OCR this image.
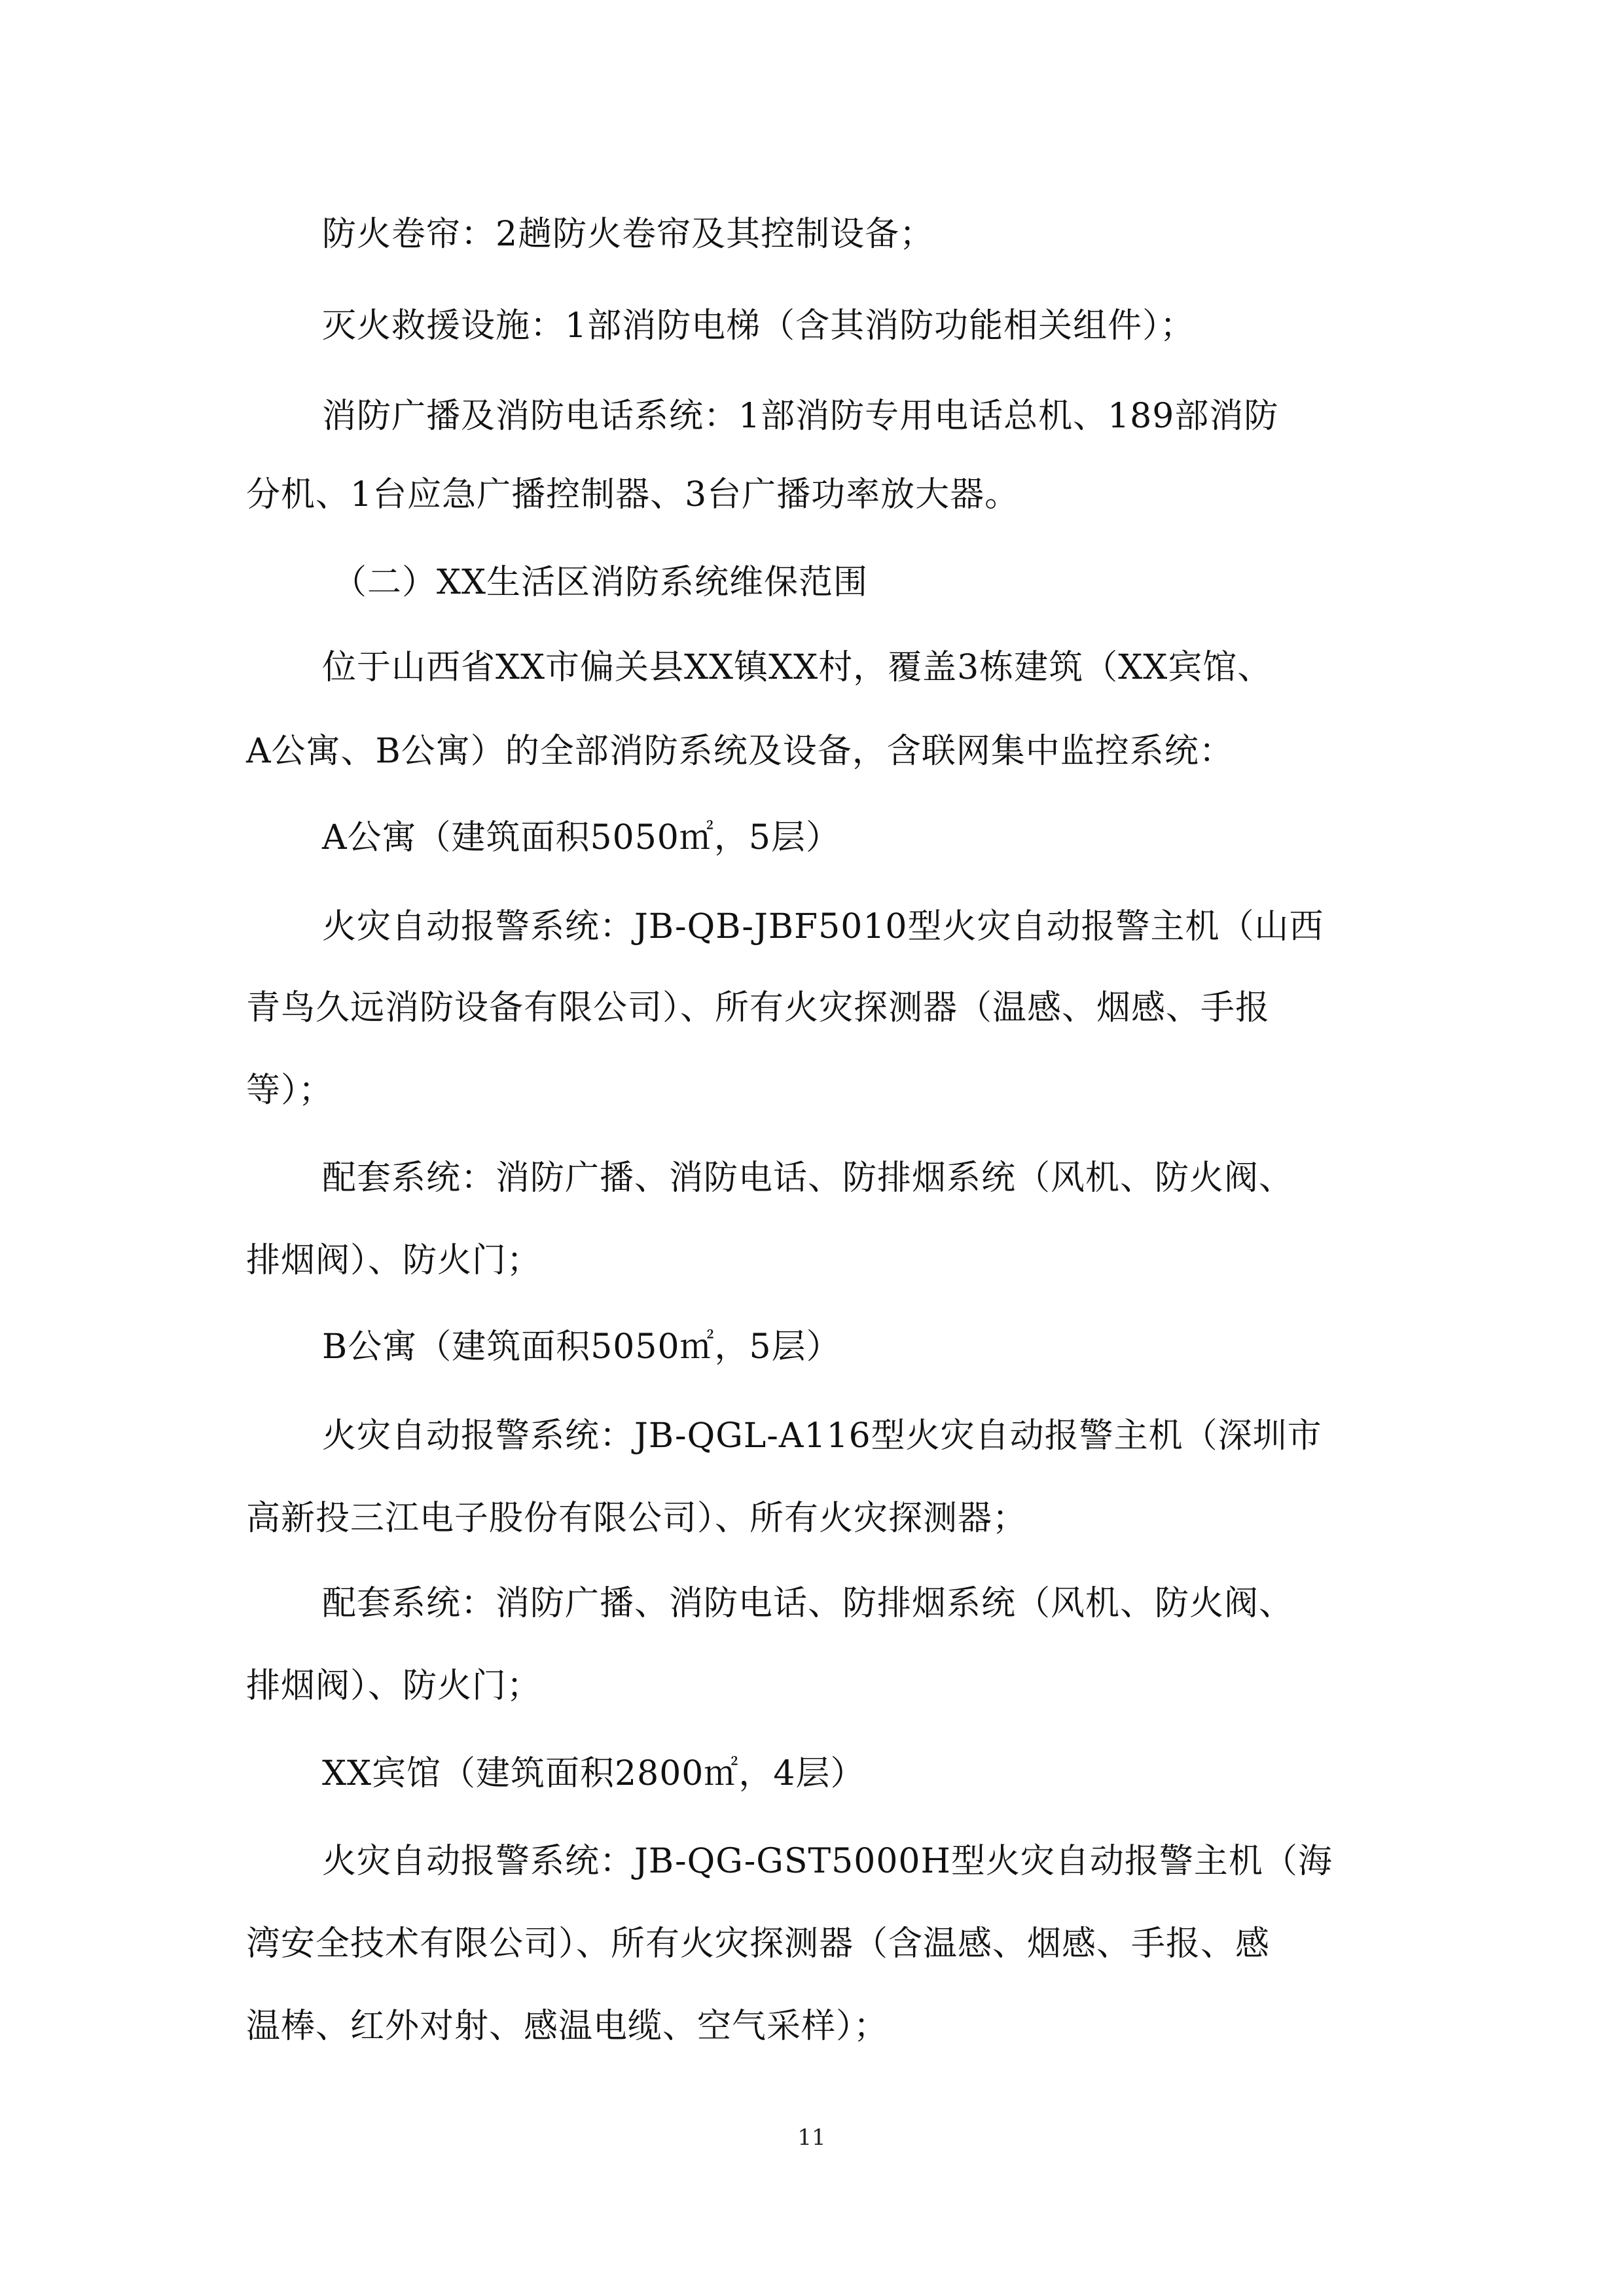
防火卷帘：2趟防火卷帘及其控制设备；
灭火救援设施：1部消防电梯（含其消防功能相关组件）；
消防广播及消防电话系统：1部消防专用电话总机、189部消防
分机、1台应急广播控制器、3台广播功率放大器。
（二）XX生活区消防系统维保范围
位于山西省XX市偏关县XX镇XX村，覆盖3栋建筑（XX宾馆、
A公寓、B公寓）的全部消防系统及设备，含联网集中监控系统：
A公寓（建筑面积5050㎡，5层）
火灾自动报警系统：JB-QB-JBF5010型火灾自动报警主机（山西
青鸟久远消防设备有限公司）、所有火灾探测器（温感、烟感、手报
等）；
配套系统：消防广播、消防电话、防排烟系统（风机、防火阀、
排烟阀）、防火门；
B公寓（建筑面积5050㎡，5层）
火灾自动报警系统：JB-QGL-A116型火灾自动报警主机（深圳市
高新投三江电子股份有限公司）、所有火灾探测器；
配套系统：消防广播、消防电话、防排烟系统（风机、防火阀、
排烟阀）、防火门；
XX宾馆（建筑面积2800㎡，4层）
火灾自动报警系统：JB-QG-GST5000H型火灾自动报警主机（海
湾安全技术有限公司）、所有火灾探测器（含温感、烟感、手报、感
温棒、红外对射、感温电缆、空气采样）；
11
